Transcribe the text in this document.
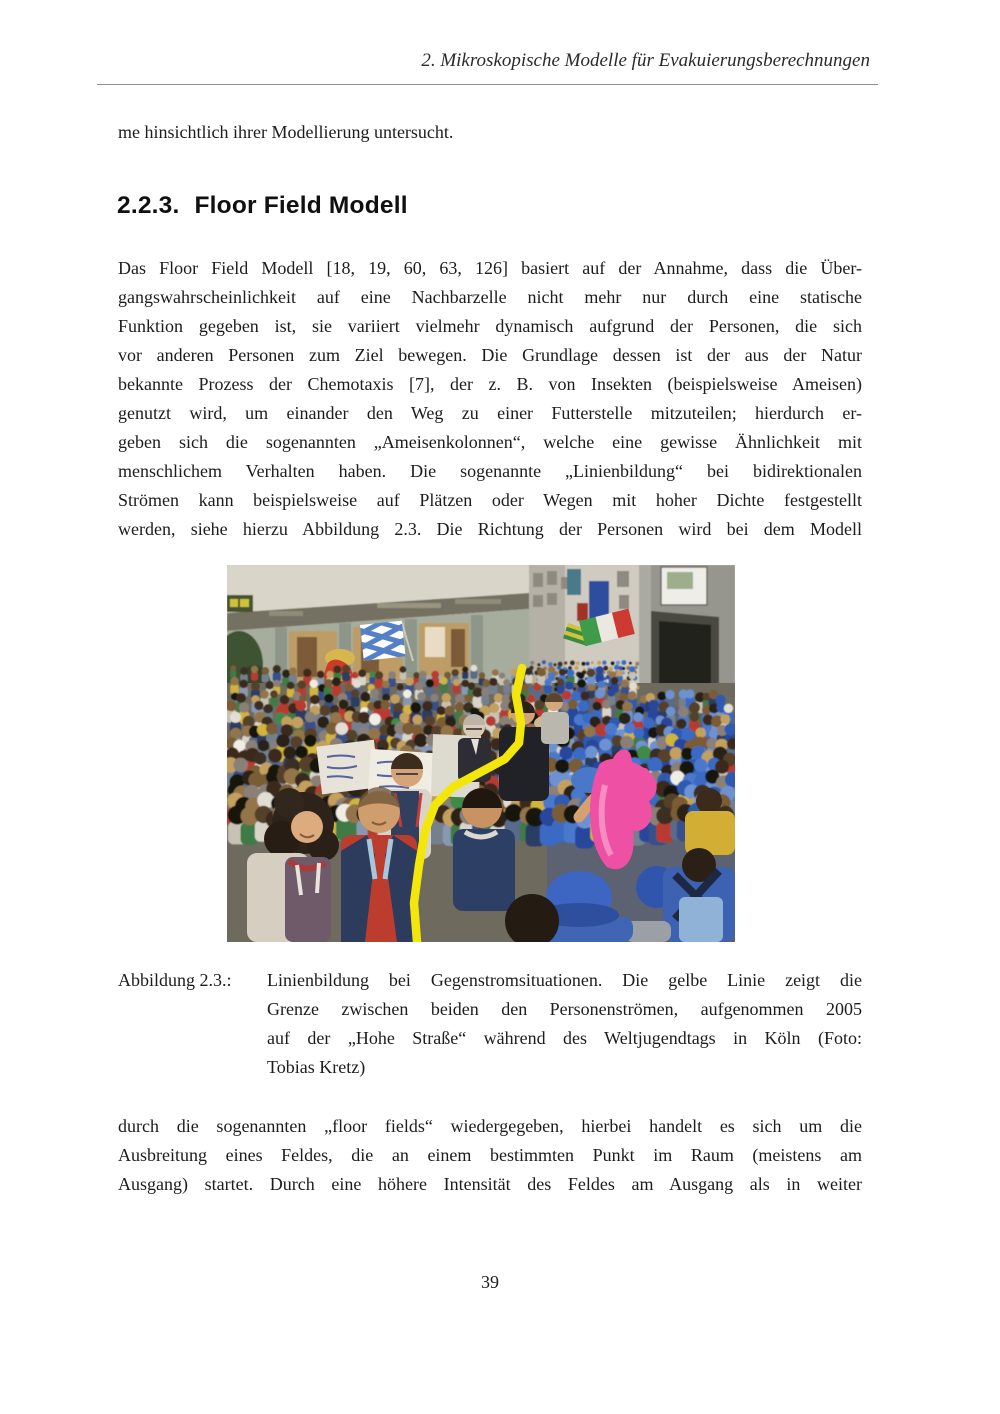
2. Mikroskopische Modelle für Evakuierungsberechnungen
me hinsichtlich ihrer Modellierung untersucht.
2.2.3. Floor Field Modell
Das Floor Field Modell [18, 19, 60, 63, 126] basiert auf der Annahme, dass die Über-
gangswahrscheinlichkeit auf eine Nachbarzelle nicht mehr nur durch eine statische
Funktion gegeben ist, sie variiert vielmehr dynamisch aufgrund der Personen, die sich
vor anderen Personen zum Ziel bewegen. Die Grundlage dessen ist der aus der Natur
bekannte Prozess der Chemotaxis [7], der z. B. von Insekten (beispielsweise Ameisen)
genutzt wird, um einander den Weg zu einer Futterstelle mitzuteilen; hierdurch er-
geben sich die sogenannten „Ameisenkolonnen“, welche eine gewisse Ähnlichkeit mit
menschlichem Verhalten haben. Die sogenannte „Linienbildung“ bei bidirektionalen
Strömen kann beispielsweise auf Plätzen oder Wegen mit hoher Dichte festgestellt
werden, siehe hierzu Abbildung 2.3. Die Richtung der Personen wird bei dem Modell
Abbildung 2.3.:	Linienbildung bei Gegenstromsituationen. Die gelbe Linie zeigt die
Grenze zwischen beiden den Personenströmen, aufgenommen 2005
auf der „Hohe Straße“ während des Weltjugendtags in Köln (Foto:
Tobias Kretz)
durch die sogenannten „floor fields“ wiedergegeben, hierbei handelt es sich um die
Ausbreitung eines Feldes, die an einem bestimmten Punkt im Raum (meistens am
Ausgang) startet. Durch eine höhere Intensität des Feldes am Ausgang als in weiter
39
